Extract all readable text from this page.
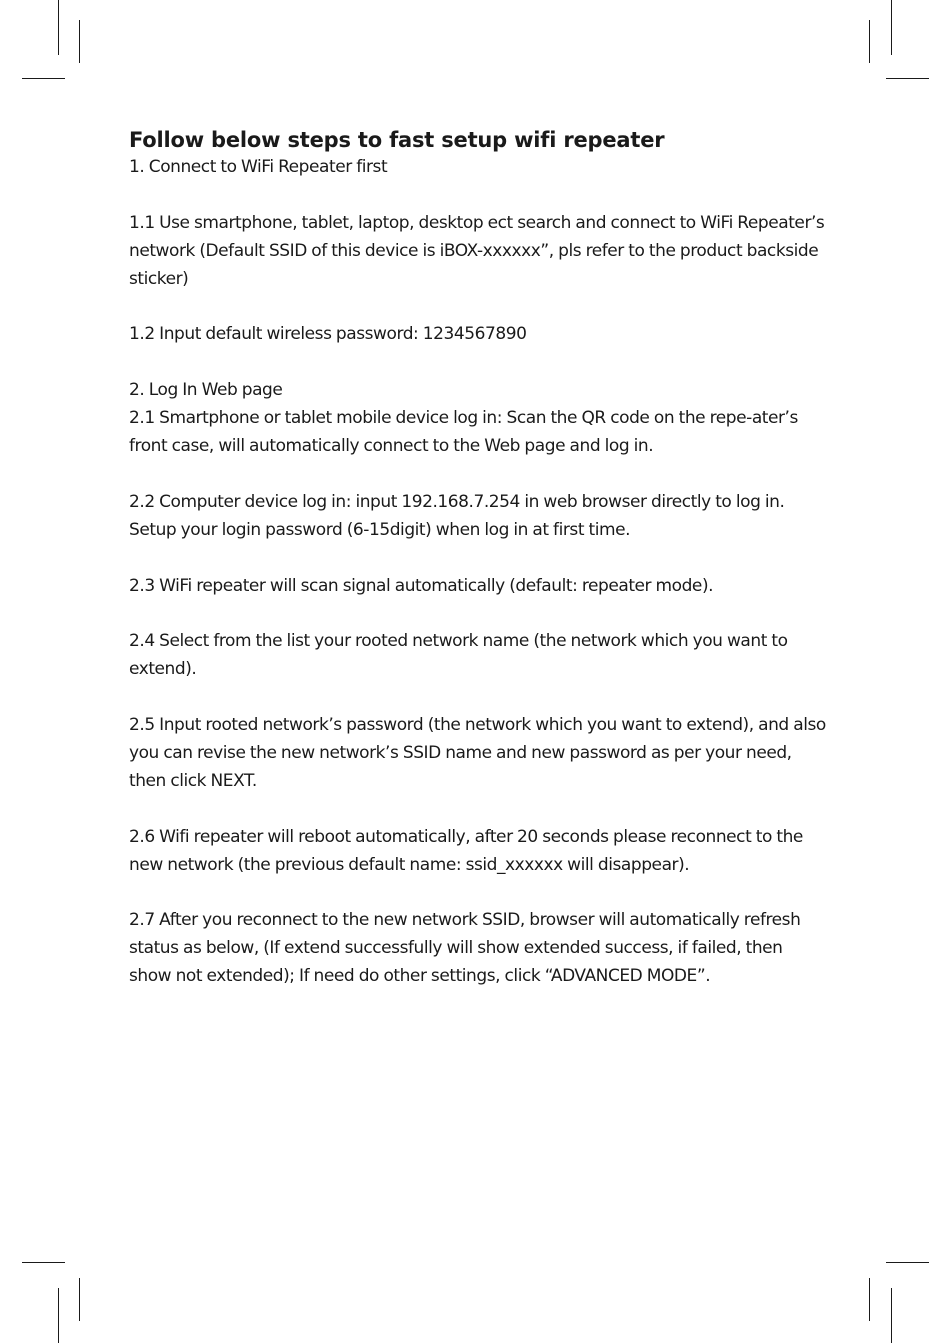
Follow below steps to fast setup wifi repeater

1. Connect to WiFi Repeater first

1.1 Use smartphone, tablet, laptop, desktop ect search and connect to WiFi Repeater’s network (Default SSID of this device is iBOX-xxxxxx”, pls refer to the product backside sticker)

1.2 Input default wireless password: 1234567890

2. Log In Web page

2.1 Smartphone or tablet mobile device log in: Scan the QR code on the repe-ater’s front case, will automatically connect to the Web page and log in.

2.2 Computer device log in: input 192.168.7.254 in web browser directly to log in. Setup your login password (6-15digit) when log in at first time.

2.3 WiFi repeater will scan signal automatically (default: repeater mode).

2.4 Select from the list your rooted network name (the network which you want to extend).

2.5 Input rooted network’s password (the network which you want to extend), and also you can revise the new network’s SSID name and new password as per your need, then click NEXT.

2.6 Wifi repeater will reboot automatically, after 20 seconds please reconnect to the new network (the previous default name: ssid_xxxxxx will disappear).

2.7 After you reconnect to the new network SSID, browser will automatically refresh status as below, (If extend successfully will show extended success, if failed, then show not extended); If need do other settings, click “ADVANCED MODE”.
